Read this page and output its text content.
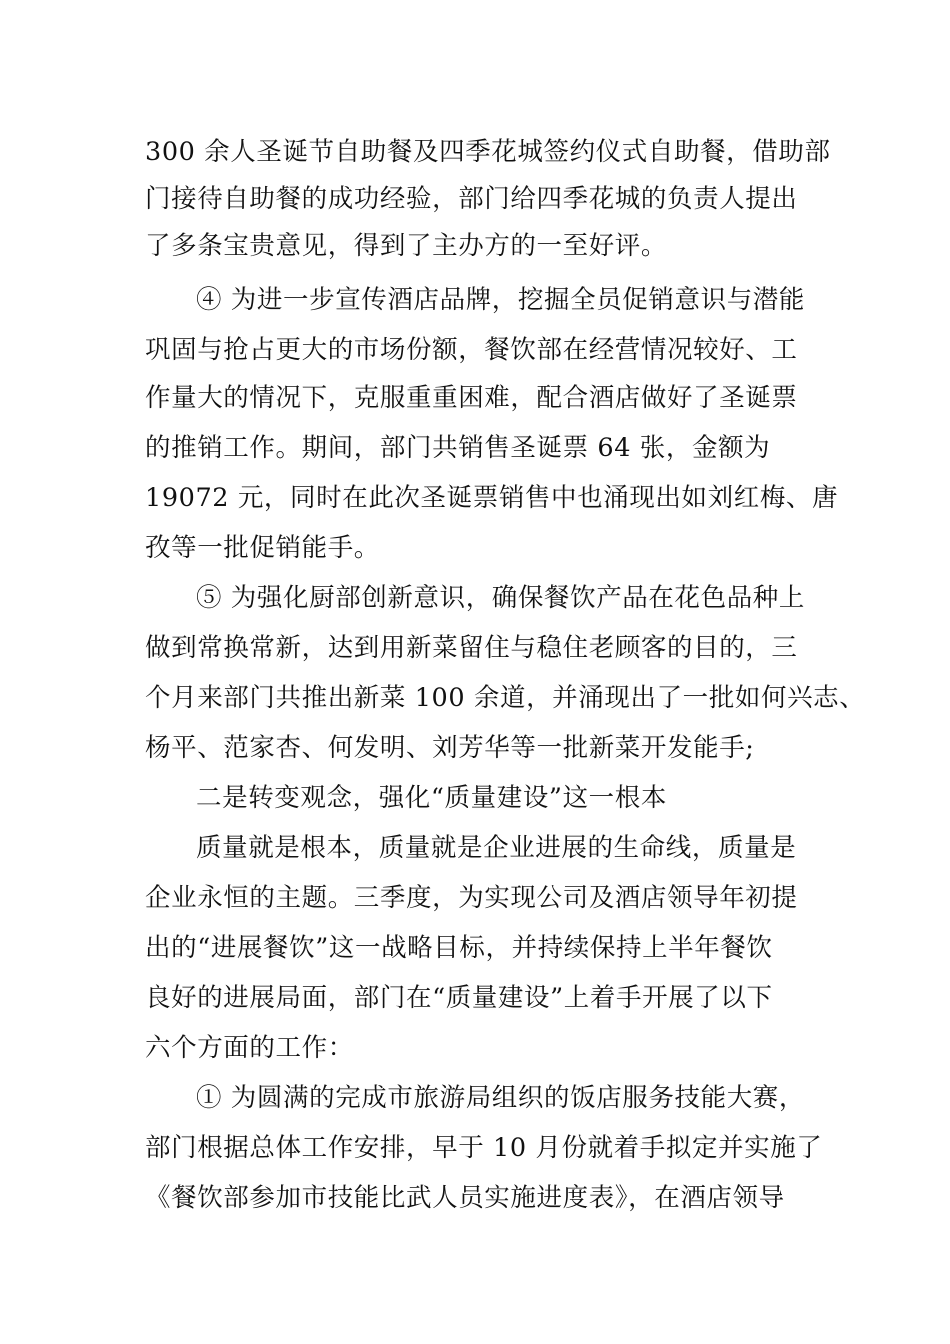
300 余人圣诞节自助餐及四季花城签约仪式自助餐，借助部
门接待自助餐的成功经验，部门给四季花城的负责人提出
了多条宝贵意见，得到了主办方的一至好评。
④ 为进一步宣传酒店品牌，挖掘全员促销意识与潜能
巩固与抢占更大的市场份额，餐饮部在经营情况较好、工
作量大的情况下，克服重重困难，配合酒店做好了圣诞票
的推销工作。期间，部门共销售圣诞票 64 张，金额为
19072 元，同时在此次圣诞票销售中也涌现出如刘红梅、唐
孜等一批促销能手。
⑤ 为强化厨部创新意识，确保餐饮产品在花色品种上
做到常换常新，达到用新菜留住与稳住老顾客的目的，三
个月来部门共推出新菜 100 余道，并涌现出了一批如何兴志、
杨平、范家杏、何发明、刘芳华等一批新菜开发能手;
二是转变观念，强化“质量建设”这一根本
质量就是根本，质量就是企业进展的生命线，质量是
企业永恒的主题。三季度，为实现公司及酒店领导年初提
出的“进展餐饮”这一战略目标，并持续保持上半年餐饮
良好的进展局面，部门在“质量建设”上着手开展了以下
六个方面的工作：
① 为圆满的完成市旅游局组织的饭店服务技能大赛，
部门根据总体工作安排，早于 10 月份就着手拟定并实施了
《餐饮部参加市技能比武人员实施进度表》，在酒店领导
